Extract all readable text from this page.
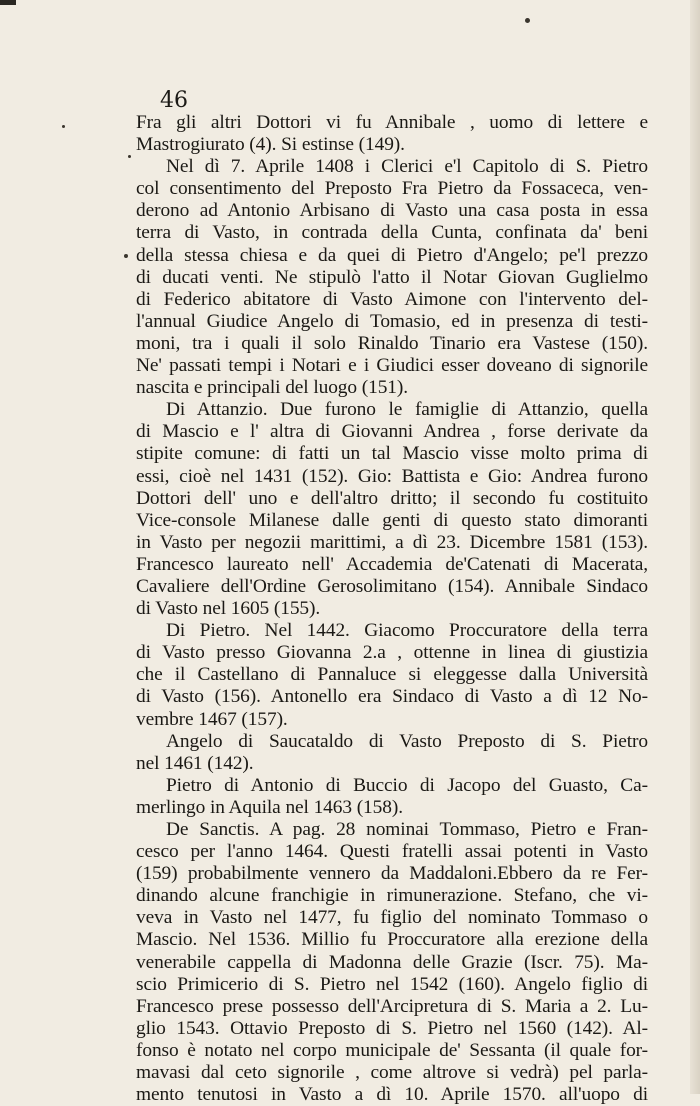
46
Fra gli altri Dottori vi fu Annibale , uomo di lettere e
Mastrogiurato (4). Si estinse (149).
Nel dì 7. Aprile 1408 i Clerici e'l Capitolo di S. Pietro
col consentimento del Preposto Fra Pietro da Fossaceca, ven-
derono ad Antonio Arbisano di Vasto una casa posta in essa
terra di Vasto, in contrada della Cunta, confinata da' beni
della stessa chiesa e da quei di Pietro d'Angelo; pe'l prezzo
di ducati venti. Ne stipulò l'atto il Notar Giovan Guglielmo
di Federico abitatore di Vasto Aimone con l'intervento del-
l'annual Giudice Angelo di Tomasio, ed in presenza di testi-
moni, tra i quali il solo Rinaldo Tinario era Vastese (150).
Ne' passati tempi i Notari e i Giudici esser doveano di signorile
nascita e principali del luogo (151).
Di Attanzio. Due furono le famiglie di Attanzio, quella
di Mascio e l' altra di Giovanni Andrea , forse derivate da
stipite comune: di fatti un tal Mascio visse molto prima di
essi, cioè nel 1431 (152). Gio: Battista e Gio: Andrea furono
Dottori dell' uno e dell'altro dritto; il secondo fu costituito
Vice-console Milanese dalle genti di questo stato dimoranti
in Vasto per negozii marittimi, a dì 23. Dicembre 1581 (153).
Francesco laureato nell' Accademia de'Catenati di Macerata,
Cavaliere dell'Ordine Gerosolimitano (154). Annibale Sindaco
di Vasto nel 1605 (155).
Di Pietro. Nel 1442. Giacomo Proccuratore della terra
di Vasto presso Giovanna 2.a , ottenne in linea di giustizia
che il Castellano di Pannaluce si eleggesse dalla Università
di Vasto (156). Antonello era Sindaco di Vasto a dì 12 No-
vembre 1467 (157).
Angelo di Saucataldo di Vasto Preposto di S. Pietro
nel 1461 (142).
Pietro di Antonio di Buccio di Jacopo del Guasto, Ca-
merlingo in Aquila nel 1463 (158).
De Sanctis. A pag. 28 nominai Tommaso, Pietro e Fran-
cesco per l'anno 1464. Questi fratelli assai potenti in Vasto
(159) probabilmente vennero da Maddaloni.Ebbero da re Fer-
dinando alcune franchigie in rimunerazione. Stefano, che vi-
veva in Vasto nel 1477, fu figlio del nominato Tommaso o
Mascio. Nel 1536. Millio fu Proccuratore alla erezione della
venerabile cappella di Madonna delle Grazie (Iscr. 75). Ma-
scio Primicerio di S. Pietro nel 1542 (160). Angelo figlio di
Francesco prese possesso dell'Arcipretura di S. Maria a 2. Lu-
glio 1543. Ottavio Preposto di S. Pietro nel 1560 (142). Al-
fonso è notato nel corpo municipale de' Sessanta (il quale for-
mavasi dal ceto signorile , come altrove si vedrà) pel parla-
mento tenutosi in Vasto a dì 10. Aprile 1570. all'uopo di
